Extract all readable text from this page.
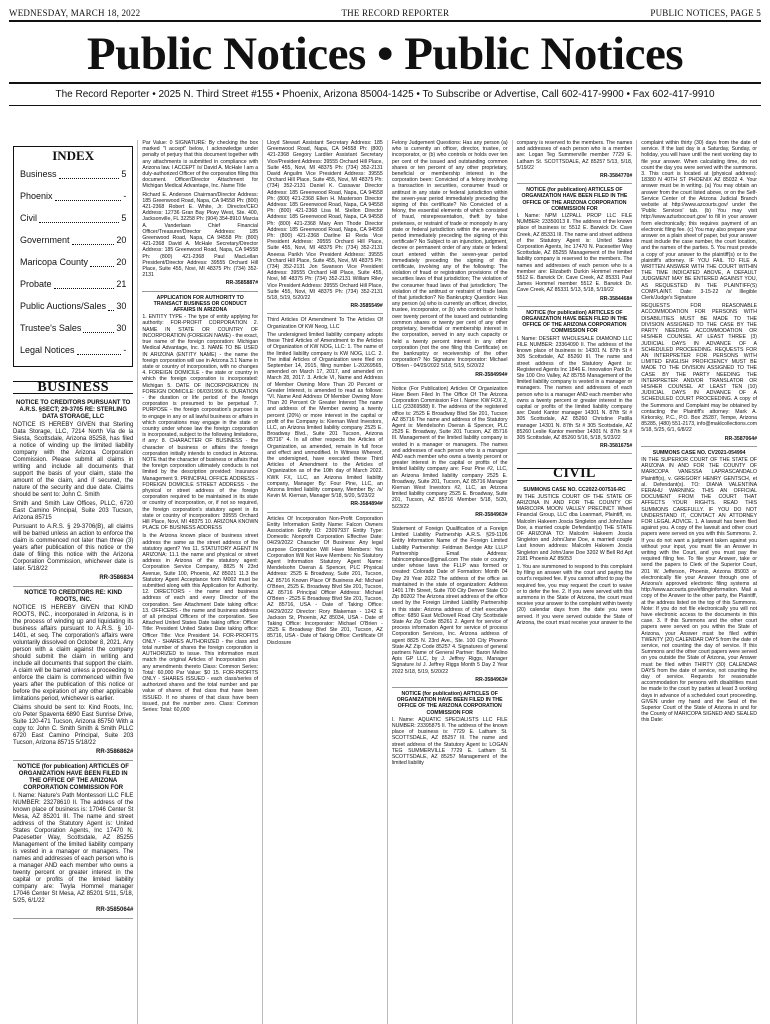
WEDNESDAY, MARCH 18, 2022	THE RECORD REPORTER	PUBLIC NOTICES, PAGE 5
Public Notices • Public Notices
The Record Reporter • 2025 N. Third Street #155 • Phoenix, Arizona 85004-1425 • To Subscribe or Advertise, Call 602-417-9900 • Fax 602-417-9910
INDEX
Business	5
Phoenix	-
Civil	5
Government	20
Maricopa County	20
Probate	21
Public Auctions/Sales 30
Trustee's Sales	30
Legal Notices	-
BUSINESS
NOTICE TO CREDITORS PURSUANT TO A.R.S. §SECT; 29-3705 RE: STERLING DATA STORAGE, LLC

NOTICE IS HEREBY GIVEN that Sterling Data Storage, LLC, 7214 North Via de la Siesta, Scottsdale, Arizona 85258, has filed a notice of winding up the limited liability company with the Arizona Corporation Commission. Please submit all claims in writing and include all documents that support the basis of your claim, state the amount of the claim, and if secured, the nature of the security and due date. Claims should be sent to: John C. Smith

Smith and Smith Law Offices, PLLC, 6720 East Camino Principal, Suite 203 Tucson, Arizona 85715

Pursuant to A.R.S. § 29-3706(B), all claims will be barred unless an action to enforce the claim is commenced not later than three (3) years after publication of this notice or the date of filing this notice with the Arizona Corporation Commission, whichever date is later. 5/18/22

RR-3586834
NOTICE TO CREDITORS RE: KIND ROOTS, INC.

NOTICE IS HEREBY GIVEN that KIND ROOTS, INC., incorporated in Arizona, is in the process of winding up and liquidating its business affairs pursuant to A.R.S. § 10-1401, et seq. The corporation's affairs were voluntarily dissolved on October 8, 2021. Any person with a claim against the company should submit the claim in writing and include all documents that support the claim. A claim will be barred unless a proceeding to enforce the claim is commenced within five years after the publication of this notice or before the expiration of any other applicable limitations period, whichever is earlier.

Claims should be sent to: Kind Roots, Inc. c/o Peter Spaventa 6890 East Sunrise Drive, Suite 120-471 Tucson, Arizona 85750 With a copy to: John C. Smith Smith & Smith PLLC 6720 East Camino Principal, Suite 203 Tucson, Arizona 85715 5/18/22

RR-3586862#
NOTICE (for publication) ARTICLES OF ORGANIZATION HAVE BEEN FILED IN THE OFFICE OF THE ARIZONA CORPORATION COMMISSION FOR

I. Name: Nature's Path Montessori LLC FILE NUMBER: 23278610 II. The address of the known place of business is: 17046 Center St Mesa, AZ 85201 III. The name and street address of the Statutory Agent is: United States Corporation Agents, Inc 17470 N. Pacesetter Way, Scottsdale, AZ 85255 Management of the limited liability company is vested in a manager or managers. The names and addresses of each person who is a manager AND each member who owns a twenty percent or greater interest in the capital or profits of the limited liability company are: Twyla Hommel manager 17046 Center St Mesa, AZ 85201 5/11, 5/18, 5/25, 6/1/22

RR-3585064#

Par Value: 0 SIGNATURE: By checking the box marked "I accept" below, I acknowledge under penalty of perjury that this document together with any attachments is submitted in compliance with Arizona law. I ACCEPT /s/ David A. McHale I am a duly-authorized Officer of the corporation filing this document. Officer/Director Attachment for Michigan Medical Advantage, Inc. Name Title

Richard E. Anderson Chairman/Director Address: 185 Greenwood Road, Napa, CA 94558 Ph: (800) 421-2368 Robert E. White, Jr. Director/CEO Address: 12736 Gran Bay Pkwy West, Ste. 400, Jacksonville, FL 32258 Ph: (904) 354-8910 Marcia A. Vanderlaan Chief Financial Officer/Treasurer/Director Address: 185 Greenwood Road, Napa, CA 94558 Ph: (800) 421-2368 David A. McHale Secretary/Director Address: 185 Greenwood Road, Napa, CA 94558 Ph: (800) 421-2368 Paul MacLellan President/Director Address: 39555 Orchard Hill Place, Suite 455, Novi, MI 48375 Ph: (734) 352-2131

RR-3585887#
APPLICATION FOR AUTHORITY TO TRANSACT BUSINESS OR CONDUCT AFFAIRS IN ARIZONA

1. ENTITY TYPE - The type of entity applying for authority: FOR-PROFIT CORPORATION 2. NAME IN STATE OR COUNTRY OF INCORPORATION (FOREIGN NAME) - the exact, true name of the foreign corporation: Michigan Medical Advantage, Inc. 3. NAME TO BE USED IN ARIZONA (ENTITY NAME) - the name the foreign corporation will use in Arizona 3.1 Name in state or country of incorporation, with no changes 4. FOREIGN DOMICILE - the state or country in which the foreign corporation is incorporated: Michigan 5. DATE OF INCORPORATION IN FOREIGN DOMICILE: 06/03/1996 6. DURATION - the duration or life period of the foreign corporation is presumed to be perpetual 7. PURPOSE - the foreign corporation's purpose is to engage in any or all lawful business or affairs in which corporations may engage in the state or country under whose law the foreign corporation is incorporated, subject to the following limitations, if any: 8. CHARACTER OF BUSINESS - the character of business or affairs the foreign corporation initially intends to conduct in Arizona. NOTE that the character of business or affairs that the foreign corporation ultimately conducts is not limited by the description provided: Insurance Management 9. PRINCIPAL OFFICE ADDRESS - FOREIGN DOMICILE STREET ADDRESS - the physical or street address of the foreign corporation required to be maintained in its state or country of incorporation, or, if not so required, the foreign corporation's statutory agent in its state or country of incorporation: 39555 Orchard Hill Place, Novi, MI 48375 10. ARIZONA KNOWN PLACE OF BUSINESS ADDRESS

Is the Arizona known place of business street address the same as the street address of the statutory agent? Yes 11. STATUTORY AGENT IN ARIZONA: 11.1 the name and physical or street address in Arizona of the statutory agent: Corporation Service Company, 8825 N 23rd Avenue, Suite 100, Phoenix, AZ 85021 11.3 the Statutory Agent Acceptance form M002 must be submitted along with this Application for Authority. 12. DIRECTORS - the name and business address of each and every Director of the corporation. See Attachment Date taking office: 13. OFFICERS - the name and business address of all principal Officers of the corporation. See Attached United States Date taking office: Officer Title: President United States Date taking office: Officer Title: Vice President 14. FOR-PROFITS ONLY - SHARES AUTHORIZED - the class and total number of shares the foreign corporation is AUTHORIZED to issue. This information must match the original Articles of Incorporation plus any amendments thereto Class: Common Series: Total: 60,000 Par Value: $0 15. FOR-PROFITS ONLY - SHARES ISSUED - each class/series of authorized shares and the total number and par value of shares of that class that have been ISSUED. If no shares of that class have been issued, put the number zero. Class: Common Series: Total: 60,000

Lloyd Stewart Assistant Secretary Address: 185 Greenwood Road, Napa, CA 94558 Ph: (800) 421-2368 Gregory Lardiier Assistant Secretary Vice/President Address: 39555 Orchard Hill Place, Suite 455, Novi, MI 48375 Ph: (734) 352-2131 David Anguilm Vice President Address: 39555 Orchard Hill Place, Suite 455, Novi, MI 48375 Ph: (734) 352-2131 Daniel K. Cassavar Director Address: 185 Greenwood Road, Napa, CA 94558 Ph: (800) 421-2368 Ellen H. Masterson Director Address: 185 Greenwood Road, Napa, CA 94558 Ph: (800) 421-2368 Lisa M. Stellon Director Address: 185 Greenwood Road, Napa, CA 94558 Ph: (800) 421-2368 Mary Ann Thode Director Address: 185 Greenwood Road, Napa, CA 94558 Ph: (800) 421-2368 Darline El Reda Vice President Address: 39555 Orchard Hill Place, Suite 455, Novi, MI 48375 Ph: (734) 352-2131 Aneesa Parikh Vice President Address: 39555 Orchard Hill Place, Suite 455, Novi, MI 48375 Ph: (734) 352-2131 Jon Swanson Vice President Address: 39555 Orchard Hill Place, Suite 455, Novi, MI 48375 Ph: (734) 352-2131 William Riley Vice President Address: 39555 Orchard Hill Place, Suite 455, Novi, MI 48375 Ph: (734) 352-2131 5/18, 5/19, 5/20/22

RR-3585549#

Third Articles Of Amendment To The Articles Of Organization Of KW Neog, LLC

The undersigned limited liability company adopts these Third Articles of Amendment to the Articles of Organization of KW NOG, LLC: 1. The name of the limited liability company is KW NOG, LLC. 2. The initial Articles of Organization were filed on September 14, 2015, filing number L-20269565, amended on March 17, 2017, and amended on March 28, 2017. 3. Article VI, Name and Address of Member Owning More Than 20 Percent or Greater Interest, is amended to read as follows: "VI. Name And Address Of Member Owning More Than 20 Percent Or Greater Interest The name and address of the Member owning a twenty percent (20%) or more interest in the capital or profit of the Company is: Kiernan West Investors, LLC, an Arizona limited liability company 2525 E. Broadway Blvd., Suite 201 Tucson, Arizona 85716" 4. In all other respects the Articles of Organization, as amended, remain in full force and effect and unmodified. In Witness Whereof, the undersigned, have executed these Third Articles of Amendment to the Articles of Organization as of the 10th day of March 2022. KWK FX, LLC, an Arizona limited liability company, Manager By: Four Pine, LLC, an Arizona limited liability company, Member By: /s/ Kevin M. Kiernan, Manager 5/18, 5/20, 5/23/22

RR-3584894#

Articles Of Incorporation Non-Profit Corporation Entity Information Entity Name: Falcon Owners Association Entity ID: 23097937 Entity Type: Domestic Nonprofit Corporation Effective Date: 04/29/2022 Character Of Business: Any legal purpose Corporation Will Have Members: Yes Corporation Will Not Have Members: No Statutory Agent Information Statutory Agent Name: Mendelsohn Oseran & Spencer, PLC Physical Address: 2525 E Broadway, Suite 201, Tucson, AZ 85716 Known Place Of Business Ad: Michael O'Brien, 2525 E. Broadway Blvd Ste 201, Tucson, AZ 85716 Principal Officer Address: Michael O'Brien - 2525 E Broadway Blvd Ste 201, Tucson, AZ 85716, USA - Date of Taking Office: 04/29/2022 Director: Rory Blakeman - 1242 E Jackson St, Phoenix, AZ 85034, USA - Date of Taking Office: Incorporator: Michael O'Brien - 2525 E Broadway Blvd Ste 201, Tucson, AZ 85716, USA - Date of Taking Office: Certificate Of Disclosure

Felony Judgement Questions: Has any person (a) who is currently an officer, director, trustee, or incorporator, or (b) who controls or holds over ten per cent of the issued and outstanding common shares or ten percent of any other proprietary, beneficial or membership interest in the corporation been: Convicted of a felony involving a transaction in securities, consumer fraud or antitrust in any state or federal jurisdiction within the seven-year period immediately preceding the signing of this certificate? No Convicted of a felony, the essential elements of which consisted of fraud, misrepresentation, theft by false pretenses, or restraint of trade or monopoly in any state or federal jurisdiction within the seven-year period immediately preceding the signing of this certificate? No Subject to an injunction, judgment, decree or permanent order of any state or federal court entered within the seven-year period immediately preceding the signing of this certificate, involving any of the following: The violation of fraud or registration provisions of the securities laws of that jurisdiction; The violation of the consumer fraud laws of that jurisdiction; The violation of the antitrust or restraint of trade laws of that jurisdiction? No Bankruptcy Question: Has any person (a) who is currently an officer, director, trustee, incorporator, or (b) who controls or holds over twenty percent of the issued and outstanding common shares or twenty per cent of any other proprietary, beneficial or membership interest in the corporation, served in any such capacity or held a twenty percent interest in any other corporation (not the one filing this Certificate) on the bankruptcy or receivership of the other corporation? No Signature Incorporator: Michael O'Brien - 04/29/2022 5/18, 5/19, 5/20/22

RR-3584994#

Notice (For Publication) Articles Of Organization Have Been Filed In The Office Of The Arizona Corporation Commission For I. Name: KW FOX 2, LLC (23369588) II. The address of the registered office is: 2525 E Broadway Blvd Ste 201, Tucson AZ 85716 The name and address of the Statutory Agent is: Mendelsohn Oseran & Spencer, PLC 2525 E. Broadway, Suite 201 Tucson, AZ 85716 III. Management of the limited liability company is vested in a manager or managers. The names and addresses of each person who is a manager AND each member who owns a twenty percent or greater interest in the capital or profits of the limited liability company are: Four Pine #2, LLC, an Arizona limited liability company 2525 E. Broadway, Suite 201, Tucson, AZ 85716 Manager Kiernan West Investors #2, LLC, an Arizona limited liability company 2525 E. Broadway, Suite 201, Tucson, AZ 85716 Member 5/18, 5/20, 5/23/22

RR-3584963#

Statement of Foreign Qualification of a Foreign Limited Liability Partnership A.R.S. §29-1106 Entity Information Name of the Foreign Limited Liability Partnership: Feldman Berdge Altz LLLP Partnership Email Address: fabincompliance@gmail.com The state or country under whose laws the FLLP was formed or created: Colorado Date of Formation: Month 04 Day 29 Year 2022 The address of the office as maintained in the state of organization: Address 1401 17th Street, Suite 700 City Denver State CO Zip 80202 The Arizona street address of the office used by the Foreign Limited Liability Partnership in this state: Arizona address of chief executive office: 6850 East McDowell Road City Scottsdale State Az Zip Code 85261 2. Agent for service of process information Agent for service of process Corporation Services, Inc. Arizona address of agent 8825 N. 23rd Ave., Ste. 100 City Phoenix State AZ Zip Code 85257 4. Signatures of general partners Name of General Partner: Baron Melino Apis GP LLC, by J. Jeffrey Riggs, Manager Signature /s/ J. Jeffrey Riggs Month 5 Day 2 Year 2022 5/18, 5/19, 5/20/22

RR-3584963#
NOTICE (for publication) ARTICLES OF ORGANIZATION HAVE BEEN FILED IN THE OFFICE OF THE ARIZONA CORPORATION COMMISSION FOR

I. Name: AQUATIC SPECIALISTS LLC FILE NUMBER: 23395875 II. The address of the known place of business is: 7729 E. Latham St. SCOTTSDALE, AZ 85257 III. The name and street address of the Statutory Agent is: LOGAN TEG SUMMERVILLE 7729 E. Latham St. SCOTTSDALE, AZ 85257 Management of the limited liability

company is reserved to the members. The names and addresses of each person who is a member are: Logan Teg Summerville member 7729 E. Latham St. SCOTTSDALE, AZ 85257 5/13, 5/18, 5/19/22

RR-3584770#
NOTICE (for publication) ARTICLES OF ORGANIZATION HAVE BEEN FILED IN THE OFFICE OF THE ARIZONA CORPORATION COMMISSION FOR

I. Name: NPM LIZPALL PROP LLC FILE NUMBER: 23350013 II. The address of the known place of business is: 5512 E. Barwick Dr. Cave Creek, AZ 85331 III. The name and street address of the Statutory Agent is: United States Corporation Agents, Inc 17470 N. Pacesetter Way Scottsdale, AZ 85255 Management of the limited liability company is reserved to the members. The names and addresses of each person who is a member are: Elizabeth Durkin Hommel member 5512 E. Barwick Dr. Cave Creek, AZ 85331 Paul James Hommel member 5512 E. Barwick Dr. Cave Creek, AZ 85331 5/13, 5/18, 5/19/22

RR-3584468#
NOTICE (for publication) ARTICLES OF ORGANIZATION HAVE BEEN FILED IN THE OFFICE OF THE ARIZONA CORPORATION COMMISSION FOR

I. Name: DESERT WHOLESALE DIAMOND LLC FILE NUMBER: 23364090 II. The address of the known place of business is: 14301 N. 87th St # 305 Scottsdale, AZ 85260 III. The name and street address of the Statutory Agent is: Registered Agents Inc 1846 E. Innovation Park Dr. Ste 100 Oro Valley, AZ 85755 Management of the limited liability company is vested in a manager or managers. The names and addresses of each person who is a manager AND each member who owns a twenty percent or greater interest in the capital or profits of the limited liability company are: David Kantor manager 14301 N. 87th St # 305 Scottsdale, AZ 85260 Christine Patilla manager 14301 N. 87th St # 305 Scottsdale, AZ 85260 Leslie Kantor member 14301 N. 87th St # 305 Scottsdale, AZ 85260 5/16, 5/18, 5/23/22

RR-3581675#
CIVIL
SUMMONS CASE NO. CC2022-007516-RC

IN THE JUSTICE COURT OF THE STATE OF ARIZONA IN AND FOR THE COUNTY OF MARICOPA MOON VALLEY PRECINCT Wheel Financial Group, LLC dba Loanmart, Plaintiff, vs. Malcolm Hakeem Joscia Singleton and John/Jane Doe, a married couple Defendant(s) THE STATE OF ARIZONA TO: Malcolm Hakeem Joscia Singleton and John/Jane Doe, a married couple Last known address: Malcolm Hakeem Joscia Singleton and John/Jane Doe 3202 W Bell Rd Apt 2181 Phoenix AZ 85053

1. You are summoned to respond to this complaint by filing an answer with the court and paying the court's required fee. If you cannot afford to pay the required fee, you may request the court to waive or to defer the fee. 2. If you were served with this summons in the State of Arizona, the court must receive your answer to the complaint within twenty (20) calendar days from the date you were served. If you were served outside the State of Arizona, the court must receive your answer to the

complaint within thirty (30) days from the date of service. If the last day is a Saturday, Sunday, or holiday, you will have until the next working day to file your answer. When calculating time, do not count the day you were served with the summons. 3. This court is located at (physical address): 18380 N 40TH ST PHOENIX AZ 85032 4. Your answer must be in writing. (a) You may obtain an answer from the court listed above, or on the Self-Service Center of the Arizona Judicial Branch website at http://www.azcourts.gov/ under the 'Public Services' tab. (b) You may visit http://www.azturbocourt.gov/ to fill in your answer form electronically; this requires payment of an electronic filing fee. (c) You may also prepare your answer on a plain sheet of paper, but your answer must include the case number, the court location, and the names of the parties. 5. You must provide a copy of your answer to the plaintiff(s) or to the plaintiff's attorney. IF YOU FAIL TO FILE A WRITTEN ANSWER WITH THE COURT WITHIN THE TIME INDICATED ABOVE, A DEFAULT JUDGMENT MAY BE ENTERED AGAINST YOU, AS REQUESTED IN THE PLAINTIFF(S) COMPLAINT. Date: 3-15-22 /s/ Illegible Clerk/Judge's Signature

REQUESTS FOR REASONABLE ACCOMMODATION FOR PERSONS WITH DISABILITIES MUST BE MADE TO THE DIVISION ASSIGNED TO THE CASE BY THE PARTY NEEDING ACCOMMODATION OR HIS/HER COUNSEL AT LEAST THREE (3) JUDICIAL DAYS IN ADVANCE OF A SCHEDULED PROCEEDING. REQUESTS FOR AN INTERPRETER FOR PERSONS WITH LIMITED ENGLISH PROFICIENCY MUST BE MADE TO THE DIVISION ASSIGNED TO THE CASE BY THE PARTY NEEDING THE INTERPRETER AND/OR TRANSLATOR OR HIS/HER COUNSEL AT LEAST TEN (10) JUDICIAL DAYS IN ADVANCE OF A SCHEDULED COURT PROCEEDING. A copy of the Summons and Complaint may be obtained by contacting the Plaintiff's attorney: Mark A. Kirkorsky, P.C., P.O. Box 25287, Tempe, Arizona 85285, (480) 551-2173, info@maklcollections.com 5/18, 5/25, 6/1, 6/8/22

RR-3587064#
SUMMONS CASE NO. CV2021-054994

IN THE SUPERIOR COURT OF THE STATE OF ARIZONA IN AND FOR THE COUNTY OF MARICOPA VANESSA LAPRASCANDALO Plaintiff(s), v. GREGORY HENRY GENTSCH, et al. Defendant(s). TO: DIANA VALENTINA FERAHU WARNING: THIS AN OFFICIAL DOCUMENT FROM THE COURT THAT AFFECTS YOUR RIGHTS. READ THIS SUMMONS CAREFULLY. IF YOU DO NOT UNDERSTAND IT, CONTACT AN ATTORNEY FOR LEGAL ADVICE. 1. A lawsuit has been filed against you. A copy of the lawsuit and other court papers were served on you with this Summons. 2. If you do not want a judgment taken against you without your input, you must file an Answer in writing with the Court, and you must pay the required filing fee. To file your Answer, take or send the papers to Clerk of the Superior Court, 201 W. Jefferson, Phoenix, Arizona 85003 or electronically file your Answer through one of Arizona's approved electronic filing systems at http://www.azcourts.gov/efilinginformation. Mail a copy of the Answer to the other party, the Plaintiff, at the address listed on the top of this Summons. Note: If you do not file electronically you will not have electronic access to the documents in this case. 3. If this Summons and the other court papers were served on you within the State of Arizona, your Answer must be filed within TWENTY (20) CALENDAR DAYS from the date of service, not counting the day of service. If this Summons and the other court papers were served on you outside the State of Arizona, your Answer must be filed within THIRTY (30) CALENDAR DAYS from the date of service, not counting the day of service. Requests for reasonable accommodation for persons with disabilities must be made to the court by parties at least 3 working days in advance of a scheduled court proceeding. GIVEN under my hand and the Seal of the Superior Court of the State of Arizona in and for the County of MARICOPA SIGNED AND SEALED this Date:
